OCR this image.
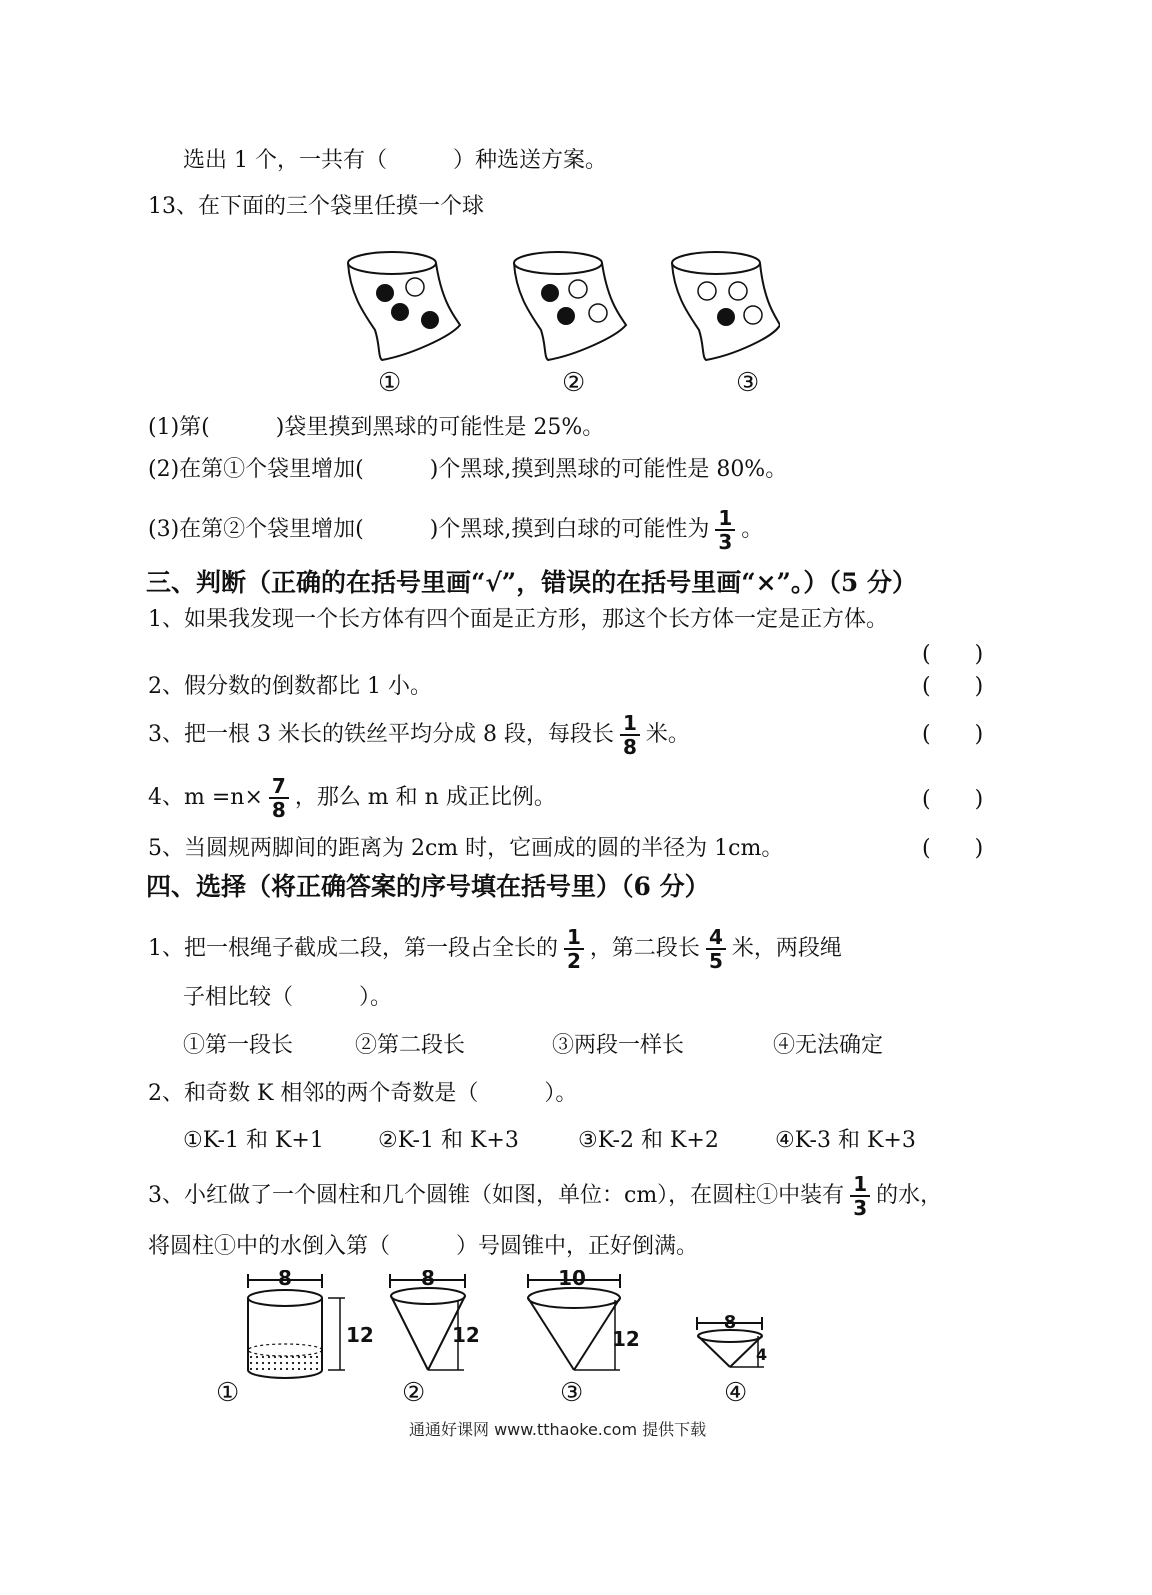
选出 1 个，一共有（　　　）种选送方案。
13、在下面的三个袋里任摸一个球
①	②	③
(1)第(　　　)袋里摸到黑球的可能性是 25%。
(2)在第①个袋里增加(　　　)个黑球,摸到黑球的可能性是 80%。
(3)在第②个袋里增加(　　　)个黑球,摸到白球的可能性为 $\frac{1}{3}$ 。
三、判断（正确的在括号里画“√”，错误的在括号里画“×”。）（5 分）
1、如果我发现一个长方体有四个面是正方形，那这个长方体一定是正方体。
(　　)
2、假分数的倒数都比 1 小。	(　　)
3、把一根 3 米长的铁丝平均分成 8 段，每段长 $\frac{1}{8}$ 米。	(　　)
4、$m =n\times \frac{7}{8}$ ，那么 m 和 n 成正比例。	(　　)
5、当圆规两脚间的距离为 2cm 时，它画成的圆的半径为 1cm。	(　　)
四、选择（将正确答案的序号填在括号里）（6 分）
1、把一根绳子截成二段，第一段占全长的 $\frac{1}{2}$ ，第二段长 $\frac{4}{5}$ 米，两段绳
子相比较（　　　）。
①第一段长	②第二段长	③两段一样长	④无法确定
2、和奇数 K 相邻的两个奇数是（　　　）。
①K-1 和 K+1 ②K-1 和 K+3	③K-2 和 K+2	④K-3 和 K+3
3、小红做了一个圆柱和几个圆锥（如图，单位：cm），在圆柱①中装有 $\frac{1}{3}$ 的水，
将圆柱①中的水倒入第（　　　）号圆锥中，正好倒满。
8
12
8
12
10
12
8
4
①	②	③	④
通通好课网 www.tthaoke.com 提供下载
